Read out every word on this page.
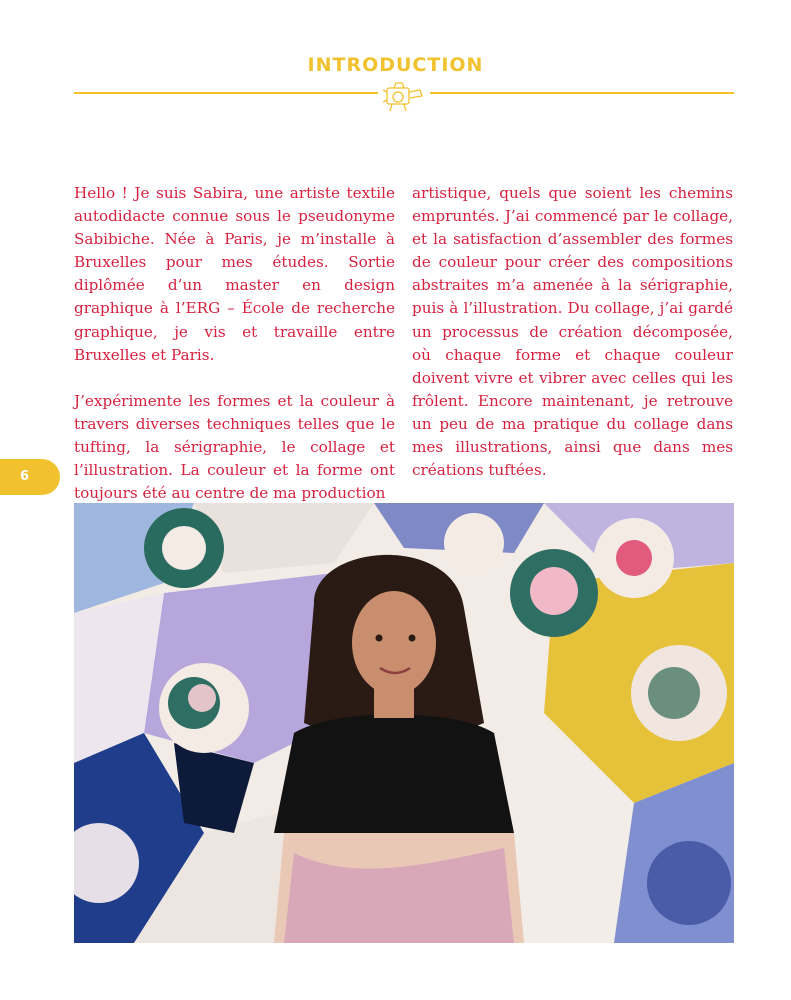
INTRODUCTION

Hello ! Je suis Sabira, une artiste textile autodidacte connue sous le pseudonyme Sabibiche. Née à Paris, je m’installe à Bruxelles pour mes études. Sortie diplômée d’un master en design graphique à l’ERG – École de recherche graphique, je vis et travaille entre Bruxelles et Paris.

J’expérimente les formes et la couleur à travers diverses techniques telles que le tufting, la sérigraphie, le collage et l’illustration. La couleur et la forme ont toujours été au centre de ma production

artistique, quels que soient les chemins empruntés. J’ai commencé par le collage, et la satisfaction d’assembler des formes de couleur pour créer des compositions abstraites m’a amenée à la sérigraphie, puis à l’illustration. Du collage, j’ai gardé un processus de création décomposée, où chaque forme et chaque couleur doivent vivre et vibrer avec celles qui les frôlent. Encore maintenant, je retrouve un peu de ma pratique du collage dans mes illustrations, ainsi que dans mes créations tuftées.

6
